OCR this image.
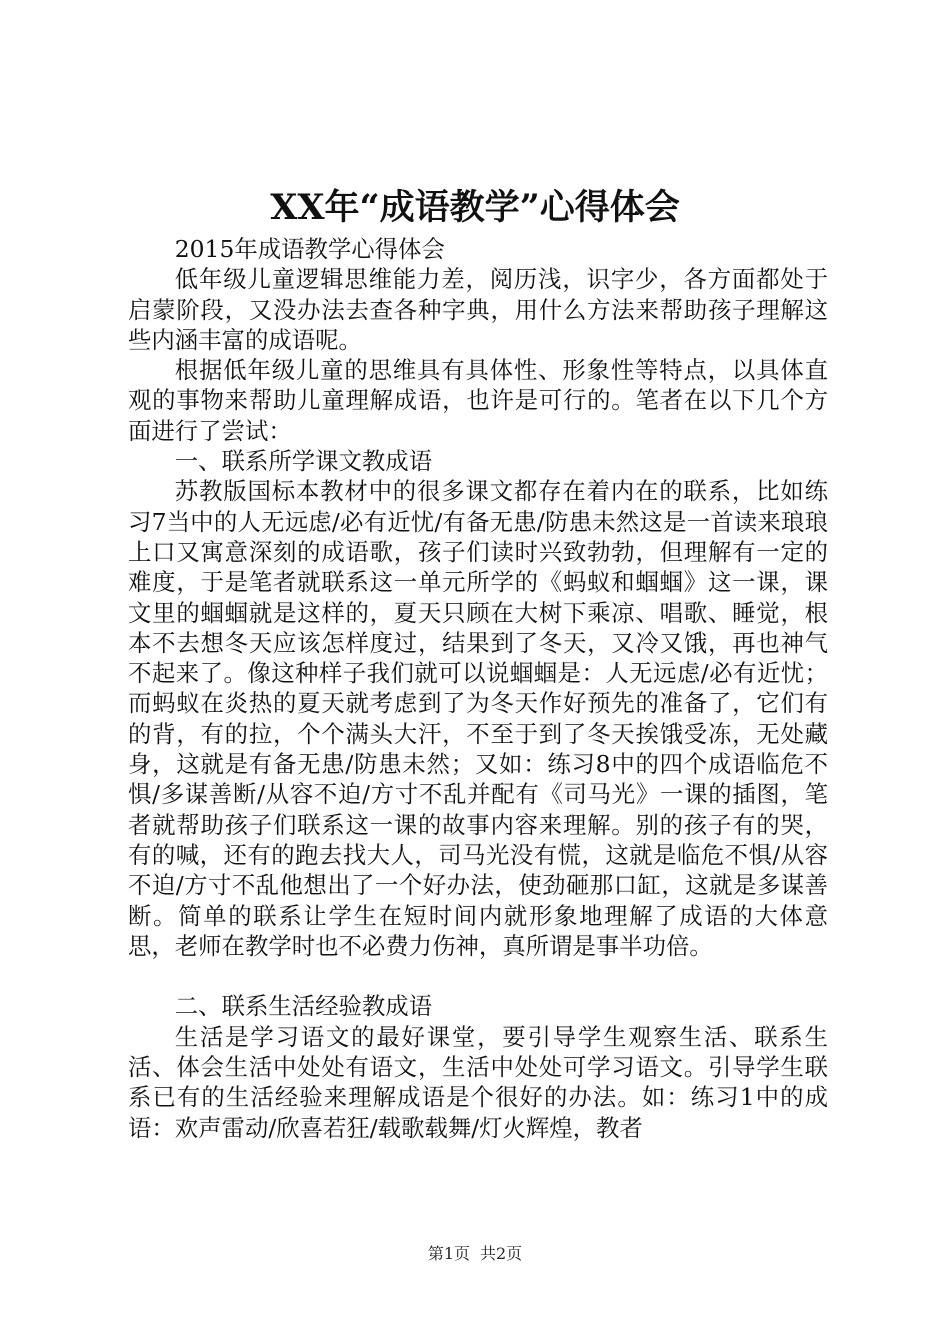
XX年“成语教学”心得体会

2015年成语教学心得体会

低年级儿童逻辑思维能力差，阅历浅，识字少，各方面都处于启蒙阶段，又没办法去查各种字典，用什么方法来帮助孩子理解这些内涵丰富的成语呢。

根据低年级儿童的思维具有具体性、形象性等特点，以具体直观的事物来帮助儿童理解成语，也许是可行的。笔者在以下几个方面进行了尝试：

一、联系所学课文教成语

苏教版国标本教材中的很多课文都存在着内在的联系，比如练习7当中的人无远虑/必有近忧/有备无患/防患未然这是一首读来琅琅上口又寓意深刻的成语歌，孩子们读时兴致勃勃，但理解有一定的难度，于是笔者就联系这一单元所学的《蚂蚁和蝈蝈》这一课，课文里的蝈蝈就是这样的，夏天只顾在大树下乘凉、唱歌、睡觉，根本不去想冬天应该怎样度过，结果到了冬天，又冷又饿，再也神气不起来了。像这种样子我们就可以说蝈蝈是：人无远虑/必有近忧；而蚂蚁在炎热的夏天就考虑到了为冬天作好预先的准备了，它们有的背，有的拉，个个满头大汗，不至于到了冬天挨饿受冻，无处藏身，这就是有备无患/防患未然；又如：练习8中的四个成语临危不惧/多谋善断/从容不迫/方寸不乱并配有《司马光》一课的插图，笔者就帮助孩子们联系这一课的故事内容来理解。别的孩子有的哭，有的喊，还有的跑去找大人，司马光没有慌，这就是临危不惧/从容不迫/方寸不乱他想出了一个好办法，使劲砸那口缸，这就是多谋善断。简单的联系让学生在短时间内就形象地理解了成语的大体意思，老师在教学时也不必费力伤神，真所谓是事半功倍。

二、联系生活经验教成语

生活是学习语文的最好课堂，要引导学生观察生活、联系生活、体会生活中处处有语文，生活中处处可学习语文。引导学生联系已有的生活经验来理解成语是个很好的办法。如：练习1中的成语：欢声雷动/欣喜若狂/载歌载舞/灯火辉煌，教者

第1页 共2页
